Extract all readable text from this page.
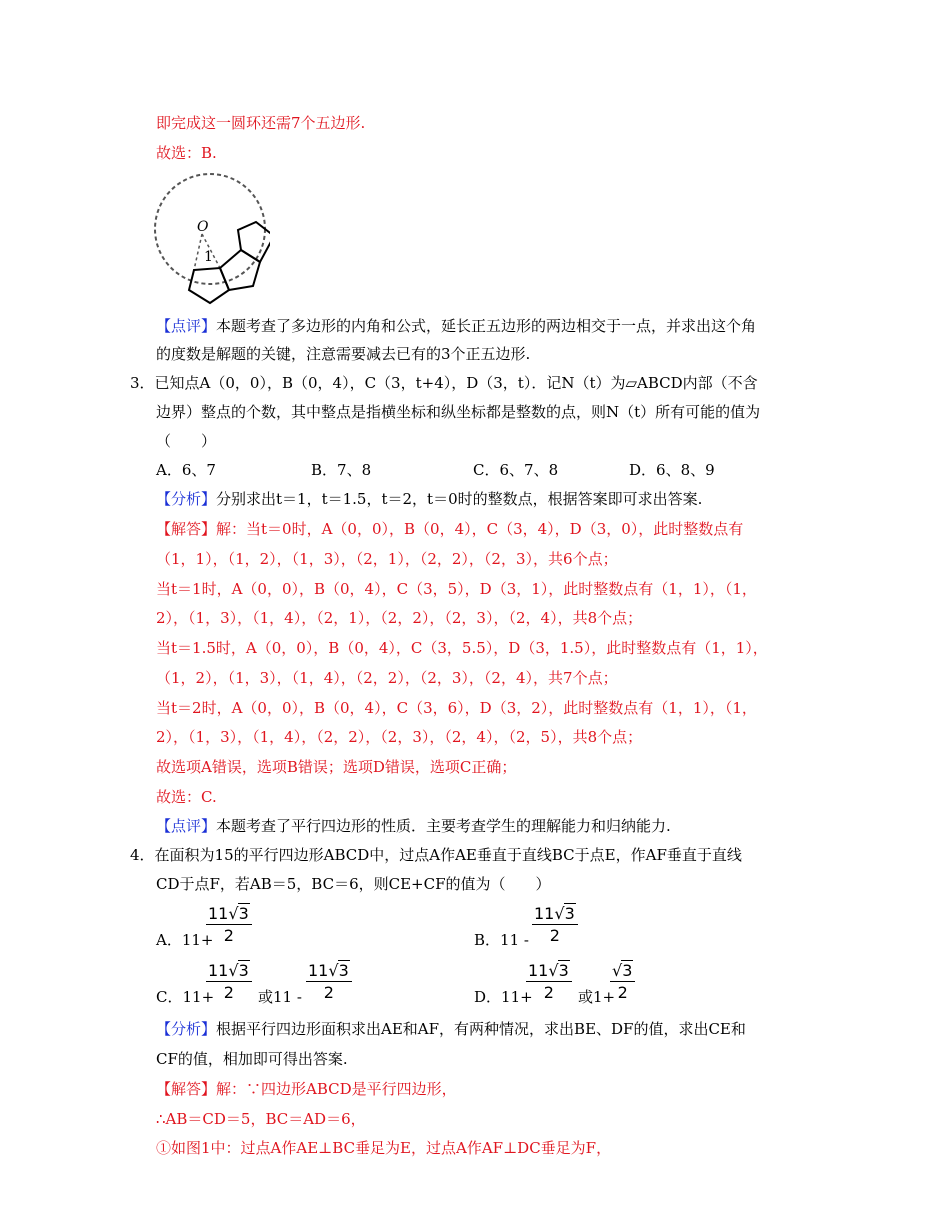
即完成这一圆环还需7个五边形.
故选：B.
O
1
【点评】本题考查了多边形的内角和公式，延长正五边形的两边相交于一点，并求出这个角
的度数是解题的关键，注意需要减去已有的3个正五边形.
3．已知点A（0，0），B（0，4），C（3，t+4），D（3，t）．记N（t）为▱ABCD内部（不含
边界）整点的个数，其中整点是指横坐标和纵坐标都是整数的点，则N（t）所有可能的值为
（　　）
A．6、7	B．7、8	C．6、7、8	D．6、8、9
【分析】分别求出t＝1，t＝1.5，t＝2，t＝0时的整数点，根据答案即可求出答案.
【解答】解：当t＝0时，A（0，0），B（0，4），C（3，4），D（3，0），此时整数点有
（1，1），（1，2），（1，3），（2，1），（2，2），（2，3），共6个点；
当t＝1时，A（0，0），B（0，4），C（3，5），D（3，1），此时整数点有（1，1），（1，
2），（1，3），（1，4），（2，1），（2，2），（2，3），（2，4），共8个点；
当t＝1.5时，A（0，0），B（0，4），C（3，5.5），D（3，1.5），此时整数点有（1，1），
（1，2），（1，3），（1，4），（2，2），（2，3），（2，4），共7个点；
当t＝2时，A（0，0），B（0，4），C（3，6），D（3，2），此时整数点有（1，1），（1，
2），（1，3），（1，4），（2，2），（2，3），（2，4），（2，5），共8个点；
故选项A错误，选项B错误；选项D错误，选项C正确；
故选：C.
【点评】本题考查了平行四边形的性质．主要考查学生的理解能力和归纳能力.
4．在面积为15的平行四边形ABCD中，过点A作AE垂直于直线BC于点E，作AF垂直于直线
CD于点F，若AB＝5，BC＝6，则CE+CF的值为（　　）
A．11+
$\frac{11√3}{2}$	B．$11 - \frac{11√3}{2}$
C．11+
$\frac{11√3}{2}$ 或$11 - \frac{11√3}{2}$	D．11+
$\frac{11√3}{2}$ 或1+
$\frac{√3}{2}$
【分析】根据平行四边形面积求出AE和AF，有两种情况，求出BE、DF的值，求出CE和
CF的值，相加即可得出答案.
【解答】解：∵四边形ABCD是平行四边形，
∴AB＝CD＝5，BC＝AD＝6，
①如图1中：过点A作AE⊥BC垂足为E，过点A作AF⊥DC垂足为F，
